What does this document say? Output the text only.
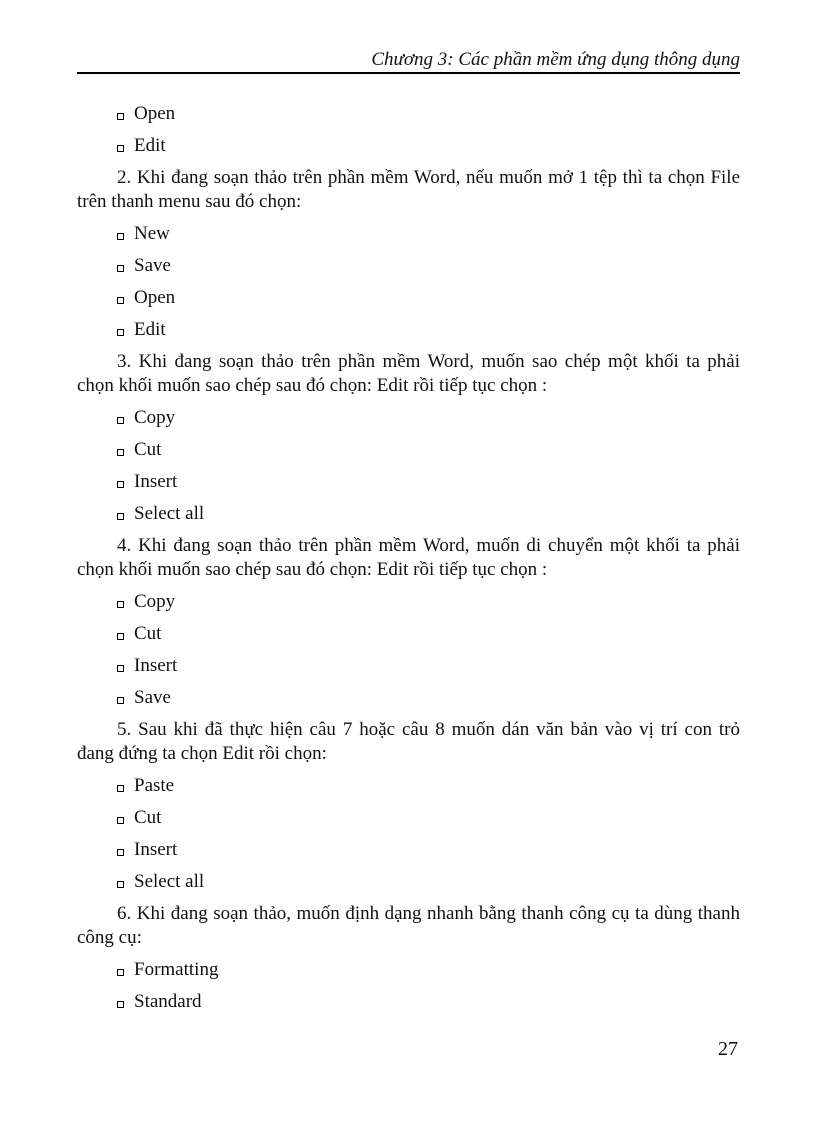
Chương 3: Các phần mềm ứng dụng thông dụng
Open
Edit

2. Khi đang soạn thảo trên phần mềm Word, nếu muốn mở 1 tệp thì ta chọn File trên thanh menu sau đó chọn:

New
Save
Open
Edit

3. Khi đang soạn thảo trên phần mềm Word, muốn sao chép một khối ta phải chọn khối muốn sao chép sau đó chọn: Edit rồi tiếp tục chọn :

Copy
Cut
Insert
Select all

4. Khi đang soạn thảo trên phần mềm Word, muốn di chuyển một khối ta phải chọn khối muốn sao chép sau đó chọn: Edit rồi tiếp tục chọn :

Copy
Cut
Insert
Save

5. Sau khi đã thực hiện câu 7 hoặc câu 8 muốn dán văn bản vào vị trí con trỏ đang đứng ta chọn Edit rồi chọn:

Paste
Cut
Insert
Select all

6. Khi đang soạn thảo, muốn định dạng nhanh bằng thanh công cụ ta dùng thanh công cụ:

Formatting
Standard
27
